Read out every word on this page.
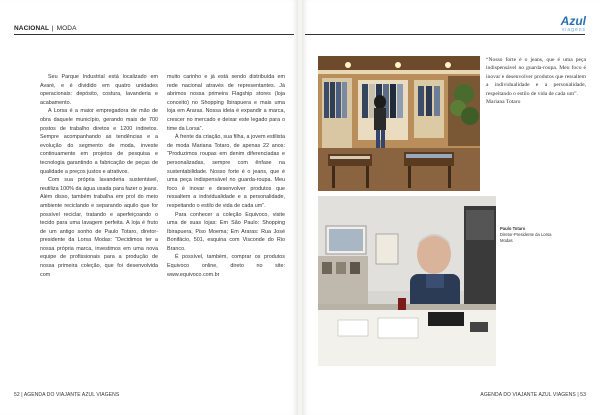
NACIONAL | MODA

Seu Parque Industrial está localizado em Avaré, e é dividido em quatro unidades operacionais: depósito, costura, lavanderia e acabamento.

A Lorsa é a maior empregadora de mão de obra daquele município, gerando mais de 700 postos de trabalho diretos e 1200 indiretos. Sempre acompanhando as tendências e a evolução do segmento de moda, investe continuamente em projetos de pesquisa e tecnologia garantindo a fabricação de peças de qualidade a preços justos e atrativos.

Com sua própria lavanderia sustentável, reutiliza 100% da água usada para fazer o jeans. Além disso, também trabalha em prol do meio ambiente reciclando e separando aquilo que for possível reciclar, tratando e aperfeiçoando o tecido para uma lavagem perfeita. A loja é fruto de um antigo sonho de Paulo Totaro, diretor-presidente da Lorsa Modas: “Decidimos ter a nossa própria marca, investimos em uma nova equipe de profissionais para a produção de nossa primeira coleção, que foi desenvolvida com

muito carinho e já está sendo distribuída em rede nacional através de representantes. Já abrimos nossa primeira Flagship stores (loja conceito) no Shopping Ibirapuera e mais uma loja em Araras. Nossa ideia é expandir a marca, crescer no mercado e deixar este legado para o time da Lorsa”.

À frente da criação, sua filha, a jovem estilista de moda Mariana Totaro, de apenas 22 anos: “Produzimos roupas em denim diferenciadas e personalizadas, sempre com ênfase na sustentabilidade. Nosso forte é o jeans, que é uma peça indispensável no guarda-roupa. Meu foco é inovar e desenvolver produtos que ressaltem a individualidade e a personalidade, respeitando o estilo de vida de cada um”.

Para conhecer a coleção Equivoco, visite uma de suas lojas: Em São Paulo: Shopping Ibirapuera, Piso Moema; Em Araras: Rua José Bonifácio, 501, esquina com Visconde do Rio Branco.

É possível, também, comprar os produtos Equivoco online, direto no site: www.equivoco.com.br

52 | AGENDA DO VIAJANTE AZUL VIAGENS	AGENDA DO VIAJANTE AZUL VIAGENS | 53
Azul
viagens
“Nosso forte é o jeans, que é uma peça indispensável no guarda-roupa. Meu foco é inovar e desenvolver produtos que ressaltem a individualidade e a personalidade, respeitando o estilo de vida de cada um”.
Mariana Totaro
Paulo Totaro
Diretor-Presidente da Lorsa Modas
